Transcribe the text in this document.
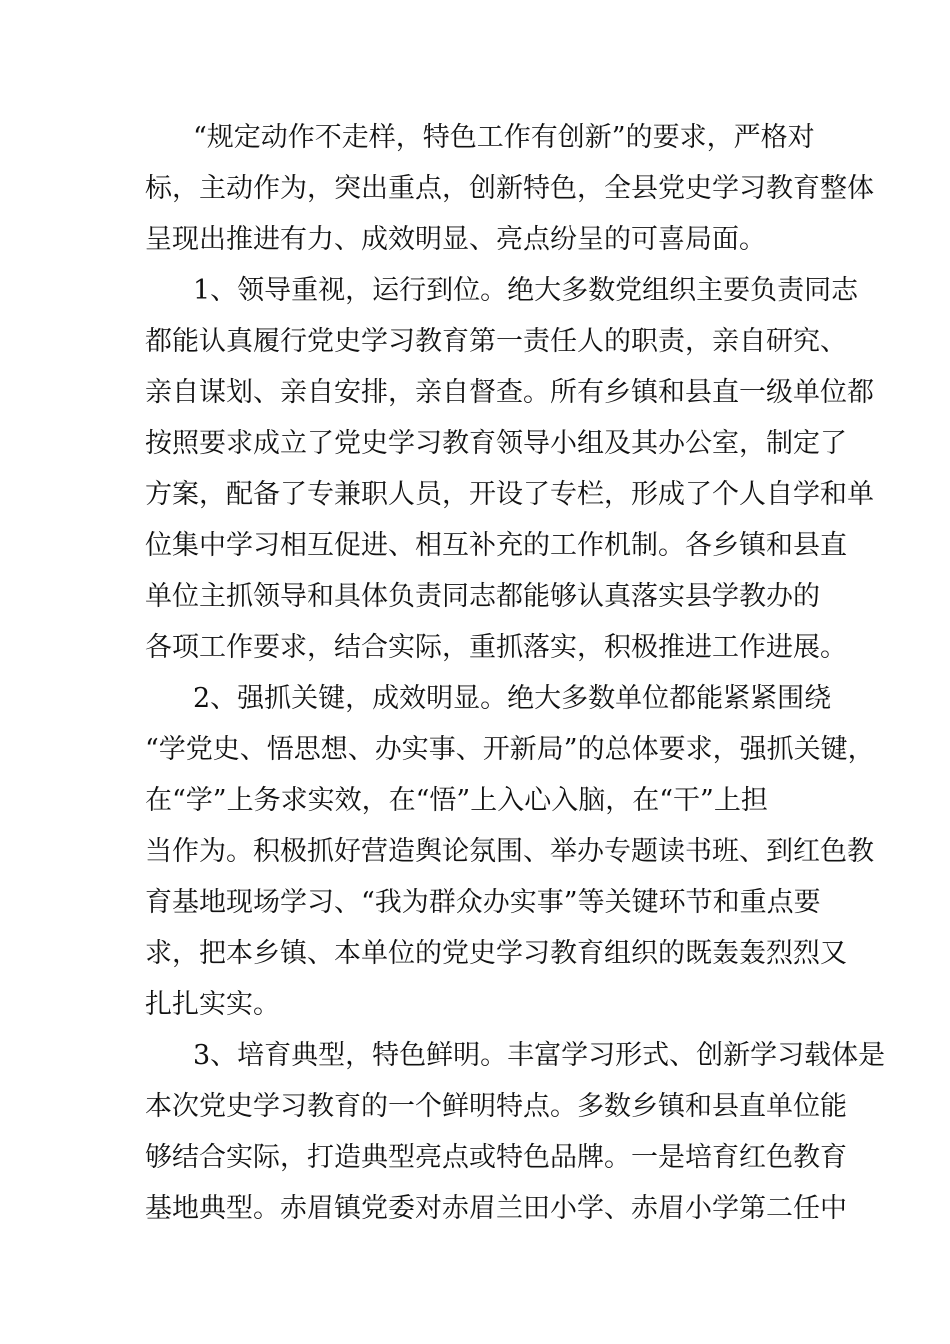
“规定动作不走样，特色工作有创新”的要求，严格对
标，主动作为，突出重点，创新特色，全县党史学习教育整体
呈现出推进有力、成效明显、亮点纷呈的可喜局面。
1、领导重视，运行到位。绝大多数党组织主要负责同志
都能认真履行党史学习教育第一责任人的职责，亲自研究、
亲自谋划、亲自安排，亲自督查。所有乡镇和县直一级单位都
按照要求成立了党史学习教育领导小组及其办公室，制定了
方案，配备了专兼职人员，开设了专栏，形成了个人自学和单
位集中学习相互促进、相互补充的工作机制。各乡镇和县直
单位主抓领导和具体负责同志都能够认真落实县学教办的
各项工作要求，结合实际，重抓落实，积极推进工作进展。
2、强抓关键，成效明显。绝大多数单位都能紧紧围绕
“学党史、悟思想、办实事、开新局”的总体要求，强抓关键，
在“学”上务求实效，在“悟”上入心入脑，在“干”上担
当作为。积极抓好营造舆论氛围、举办专题读书班、到红色教
育基地现场学习、“我为群众办实事”等关键环节和重点要
求，把本乡镇、本单位的党史学习教育组织的既轰轰烈烈又
扎扎实实。
3、培育典型，特色鲜明。丰富学习形式、创新学习载体是
本次党史学习教育的一个鲜明特点。多数乡镇和县直单位能
够结合实际，打造典型亮点或特色品牌。一是培育红色教育
基地典型。赤眉镇党委对赤眉兰田小学、赤眉小学第二任中
